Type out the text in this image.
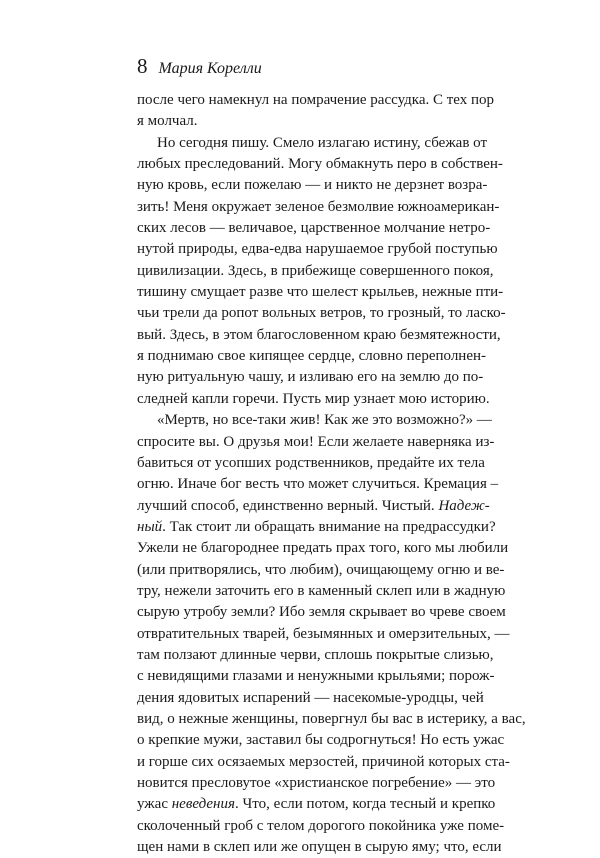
8 Мария Корелли
после чего намекнул на помрачение рассудка. С тех пор
я молчал.
Но сегодня пишу. Смело излагаю истину, сбежав от
любых преследований. Могу обмакнуть перо в собствен-
ную кровь, если пожелаю — и никто не дерзнет возра-
зить! Меня окружает зеленое безмолвие южноамерикан-
ских лесов — величавое, царственное молчание нетро-
нутой природы, едва-едва нарушаемое грубой поступью
цивилизации. Здесь, в прибежище совершенного покоя,
тишину смущает разве что шелест крыльев, нежные пти-
чьи трели да ропот вольных ветров, то грозный, то ласко-
вый. Здесь, в этом благословенном краю безмятежности,
я поднимаю свое кипящее сердце, словно переполнен-
ную ритуальную чашу, и изливаю его на землю до по-
следней капли горечи. Пусть мир узнает мою историю.
«Мертв, но все-таки жив! Как же это возможно?» —
спросите вы. О друзья мои! Если желаете наверняка из-
бавиться от усопших родственников, предайте их тела
огню. Иначе бог весть что может случиться. Кремация –
лучший способ, единственно верный. Чистый. Надеж-
ный. Так стоит ли обращать внимание на предрассудки?
Ужели не благороднее предать прах того, кого мы любили
(или притворялись, что любим), очищающему огню и ве-
тру, нежели заточить его в каменный склеп или в жадную
сырую утробу земли? Ибо земля скрывает во чреве своем
отвратительных тварей, безымянных и омерзительных, —
там ползают длинные черви, сплошь покрытые слизью,
с невидящими глазами и ненужными крыльями; порож-
дения ядовитых испарений — насекомые-уродцы, чей
вид, о нежные женщины, повергнул бы вас в истерику, а вас,
о крепкие мужи, заставил бы содрогнуться! Но есть ужас
и горше сих осязаемых мерзостей, причиной которых ста-
новится пресловутое «христианское погребение» — это
ужас неведения. Что, если потом, когда тесный и крепко
сколоченный гроб с телом дорогого покойника уже поме-
щен нами в склеп или же опущен в сырую яму; что, если
